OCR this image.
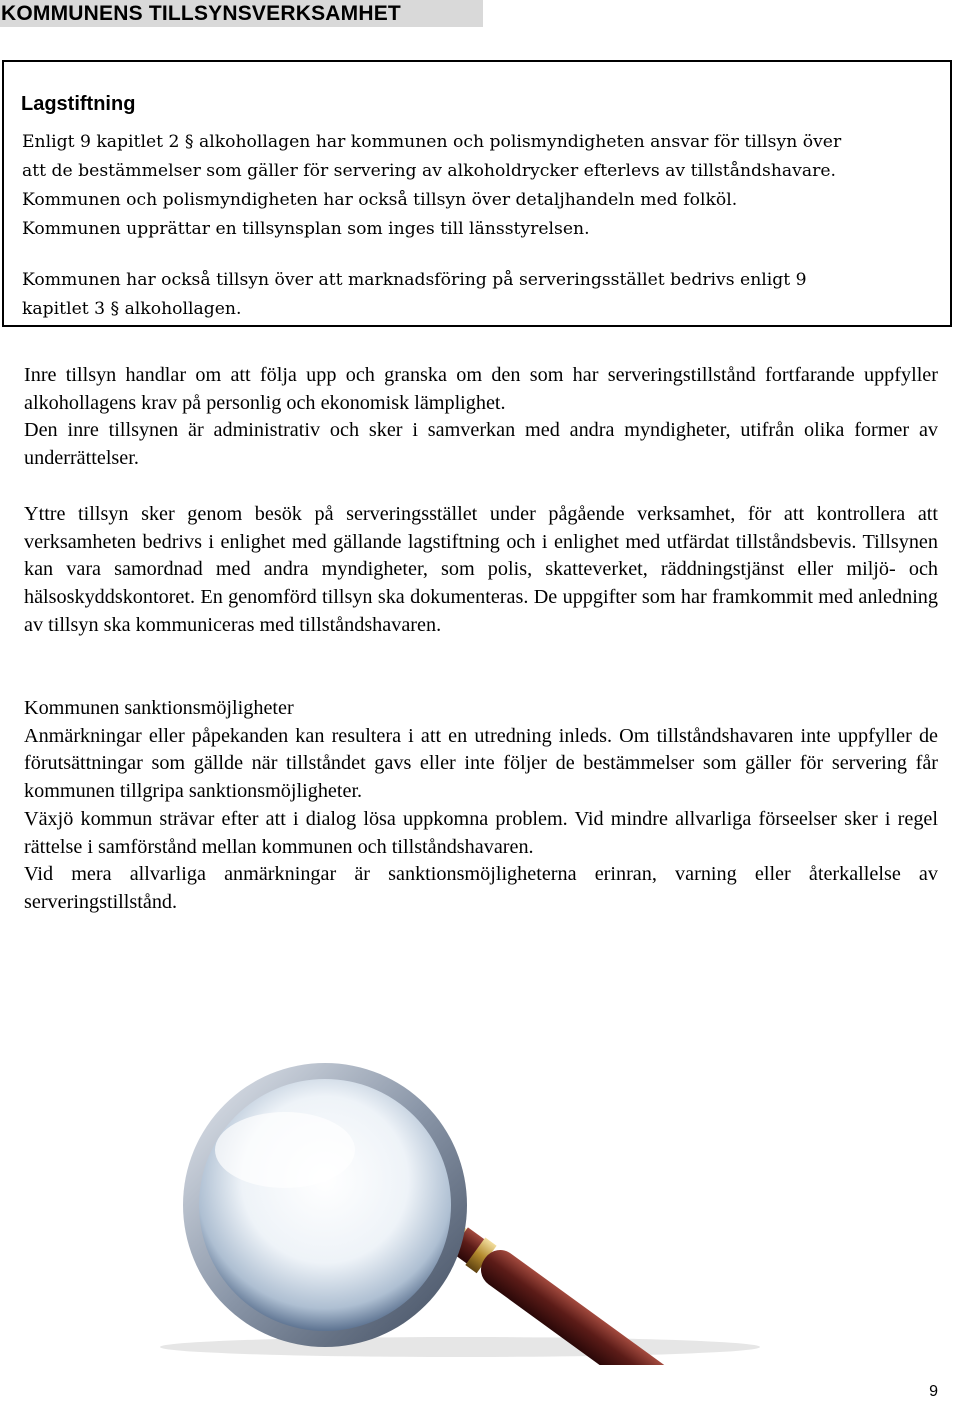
KOMMUNENS TILLSYNSVERKSAMHET
Lagstiftning

Enligt 9 kapitlet 2 § alkohollagen har kommunen och polismyndigheten ansvar för tillsyn över

att de bestämmelser som gäller för servering av alkoholdrycker efterlevs av tillståndshavare.

Kommunen och polismyndigheten har också tillsyn över detaljhandeln med folköl.

Kommunen upprättar en tillsynsplan som inges till länsstyrelsen.

Kommunen har också tillsyn över att marknadsföring på serveringsstället bedrivs enligt 9

kapitlet 3 § alkohollagen.

Inre tillsyn handlar om att följa upp och granska om den som har serveringstillstånd fortfarande uppfyller alkohollagens krav på personlig och ekonomisk lämplighet.

Den inre tillsynen är administrativ och sker i samverkan med andra myndigheter, utifrån olika former av underrättelser.

Yttre tillsyn sker genom besök på serveringsstället under pågående verksamhet, för att kontrollera att verksamheten bedrivs i enlighet med gällande lagstiftning och i enlighet med utfärdat tillståndsbevis. Tillsynen kan vara samordnad med andra myndigheter, som polis, skatteverket, räddningstjänst eller miljö- och hälsoskyddskontoret. En genomförd tillsyn ska dokumenteras. De uppgifter som har framkommit med anledning av tillsyn ska kommuniceras med tillståndshavaren.

Kommunen sanktionsmöjligheter

Anmärkningar eller påpekanden kan resultera i att en utredning inleds. Om tillståndshavaren inte uppfyller de förutsättningar som gällde när tillståndet gavs eller inte följer de bestämmelser som gäller för servering får kommunen tillgripa sanktionsmöjligheter.

Växjö kommun strävar efter att i dialog lösa uppkomna problem. Vid mindre allvarliga förseelser sker i regel rättelse i samförstånd mellan kommunen och tillståndshavaren.

Vid mera allvarliga anmärkningar är sanktionsmöjligheterna erinran, varning eller återkallelse av serveringstillstånd.

9
